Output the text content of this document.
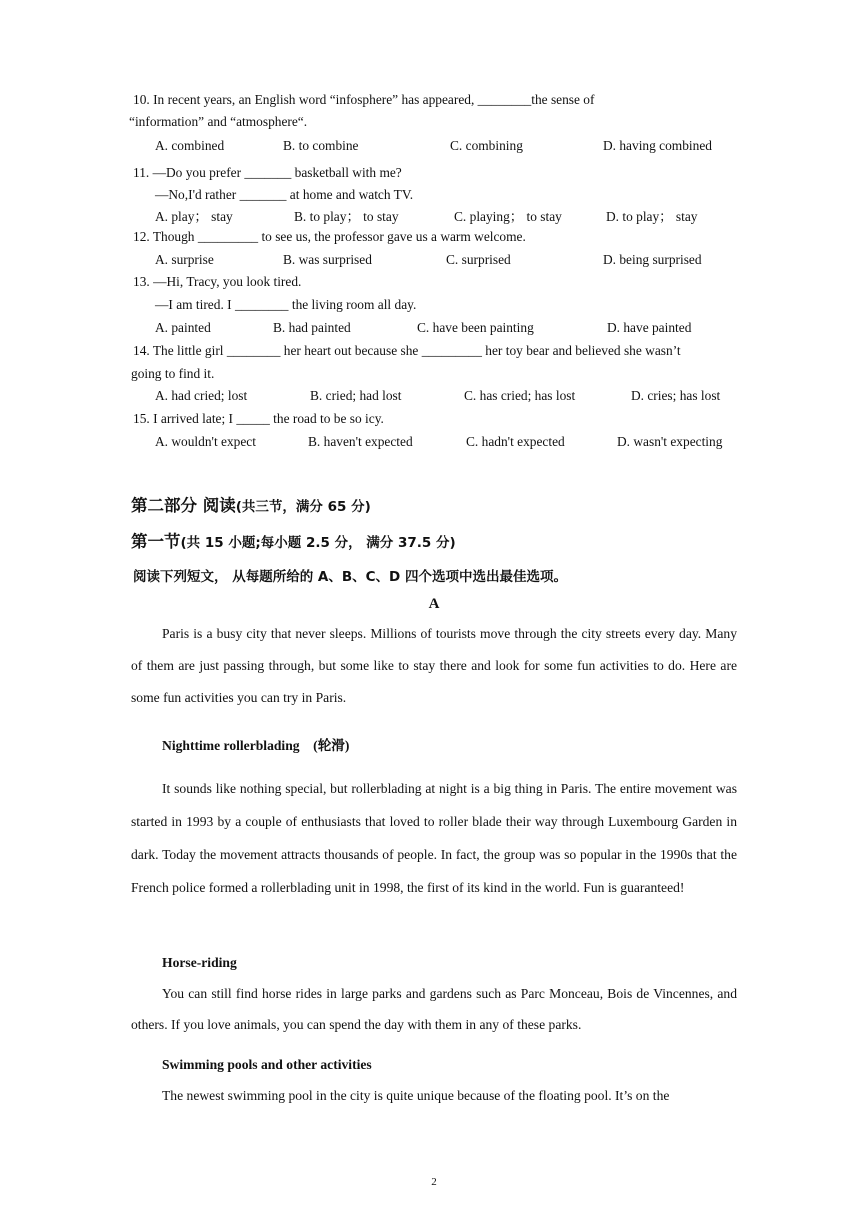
10. In recent years, an English word “infosphere” has appeared, ________the sense of
“information” and “atmosphere“.
A. combined	B. to combine	C. combining	D. having combined
11. —Do you prefer _______ basketball with me?
—No,I'd rather _______ at home and watch TV.
A. play； stay	B. to play； to stay	C. playing； to stay	D. to play； stay
12. Though _________ to see us, the professor gave us a warm welcome.
A. surprise	B. was surprised	C. surprised	D. being surprised
13. —Hi, Tracy, you look tired.
—I am tired. I ________ the living room all day.
A. painted	B. had painted	C. have been painting	D. have painted
14. The little girl ________ her heart out because she _________ her toy bear and believed she wasn’t
going to find it.
A. had cried; lost	B. cried; had lost	C. has cried; has lost	D. cries; has lost
15. I arrived late; I _____ the road to be so icy.
A. wouldn't expect	B. haven't expected	C. hadn't expected	D. wasn't expecting
第二部分 阅读(共三节，满分 65 分)
第一节(共 15 小题;每小题 2.5 分， 满分 37.5 分)
阅读下列短文， 从每题所给的 A、B、C、D 四个选项中选出最佳选项。
A
Paris is a busy city that never sleeps. Millions of tourists move through the city streets every day. Many of them are just passing through, but some like to stay there and look for some fun activities to do. Here are some fun activities you can try in Paris.
Nighttime rollerblading    (轮滑)
It sounds like nothing special, but rollerblading at night is a big thing in Paris. The entire movement was started in 1993 by a couple of enthusiasts that loved to roller blade their way through Luxembourg Garden in dark. Today the movement attracts thousands of people. In fact, the group was so popular in the 1990s that the French police formed a rollerblading unit in 1998, the first of its kind in the world. Fun is guaranteed!
Horse-riding
You can still find horse rides in large parks and gardens such as Parc Monceau, Bois de Vincennes, and others. If you love animals, you can spend the day with them in any of these parks.
Swimming pools and other activities
The newest swimming pool in the city is quite unique because of the floating pool. It’s on the
2
